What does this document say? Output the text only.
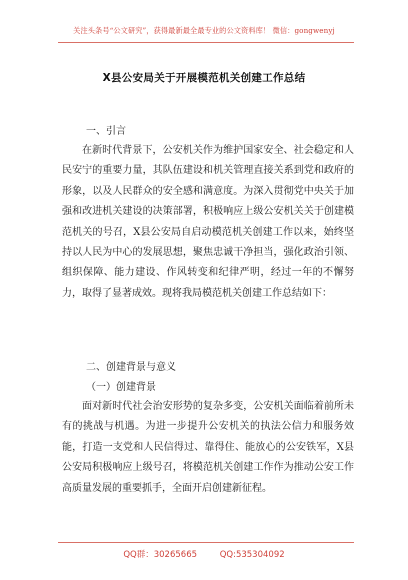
关注头条号“公文研究”，获得最新最全最专业的公文资料库！ 微信：gongwenyj
X县公安局关于开展模范机关创建工作总结
一、引言

在新时代背景下，公安机关作为维护国家安全、社会稳定和人民安宁的重要力量，其队伍建设和机关管理直接关系到党和政府的形象，以及人民群众的安全感和满意度。为深入贯彻党中央关于加强和改进机关建设的决策部署，积极响应上级公安机关关于创建模范机关的号召，X县公安局自启动模范机关创建工作以来，始终坚持以人民为中心的发展思想，聚焦忠诚干净担当，强化政治引领、组织保障、能力建设、作风转变和纪律严明，经过一年的不懈努力，取得了显著成效。现将我局模范机关创建工作总结如下：

二、创建背景与意义
（一）创建背景

面对新时代社会治安形势的复杂多变，公安机关面临着前所未有的挑战与机遇。为进一步提升公安机关的执法公信力和服务效能，打造一支党和人民信得过、靠得住、能放心的公安铁军，X县公安局积极响应上级号召，将模范机关创建工作作为推动公安工作高质量发展的重要抓手，全面开启创建新征程。

QQ群：30265665	QQ:535304092
